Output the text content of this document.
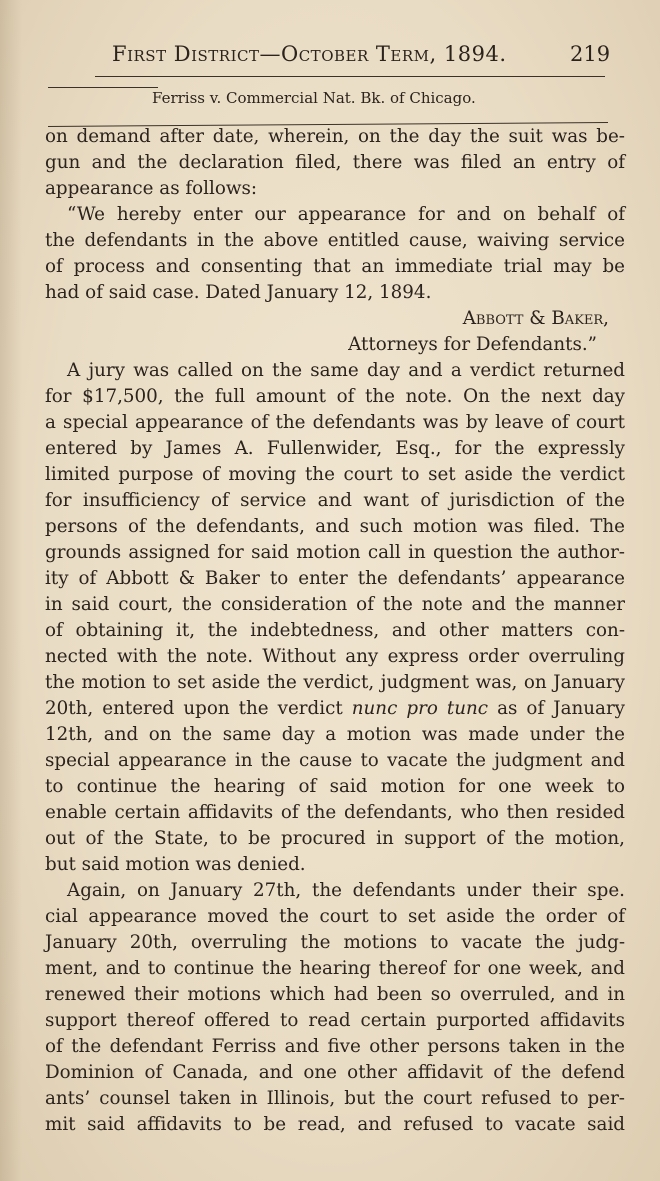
First District—October Term, 1894.	219
Ferriss v. Commercial Nat. Bk. of Chicago.
on demand after date, wherein, on the day the suit was be-
gun and the declaration filed, there was filed an entry of
appearance as follows:
“We hereby enter our appearance for and on behalf of
the defendants in the above entitled cause, waiving service
of process and consenting that an immediate trial may be
had of said case. Dated January 12, 1894.
Abbott & Baker,
Attorneys for Defendants.”
A jury was called on the same day and a verdict returned
for $17,500, the full amount of the note. On the next day
a special appearance of the defendants was by leave of court
entered by James A. Fullenwider, Esq., for the expressly
limited purpose of moving the court to set aside the verdict
for insufficiency of service and want of jurisdiction of the
persons of the defendants, and such motion was filed. The
grounds assigned for said motion call in question the author-
ity of Abbott & Baker to enter the defendants’ appearance
in said court, the consideration of the note and the manner
of obtaining it, the indebtedness, and other matters con-
nected with the note. Without any express order overruling
the motion to set aside the verdict, judgment was, on January
20th, entered upon the verdict nunc pro tunc as of January
12th, and on the same day a motion was made under the
special appearance in the cause to vacate the judgment and
to continue the hearing of said motion for one week to
enable certain affidavits of the defendants, who then resided
out of the State, to be procured in support of the motion,
but said motion was denied.
Again, on January 27th, the defendants under their spe.
cial appearance moved the court to set aside the order of
January 20th, overruling the motions to vacate the judg-
ment, and to continue the hearing thereof for one week, and
renewed their motions which had been so overruled, and in
support thereof offered to read certain purported affidavits
of the defendant Ferriss and five other persons taken in the
Dominion of Canada, and one other affidavit of the defend
ants’ counsel taken in Illinois, but the court refused to per-
mit said affidavits to be read, and refused to vacate said
